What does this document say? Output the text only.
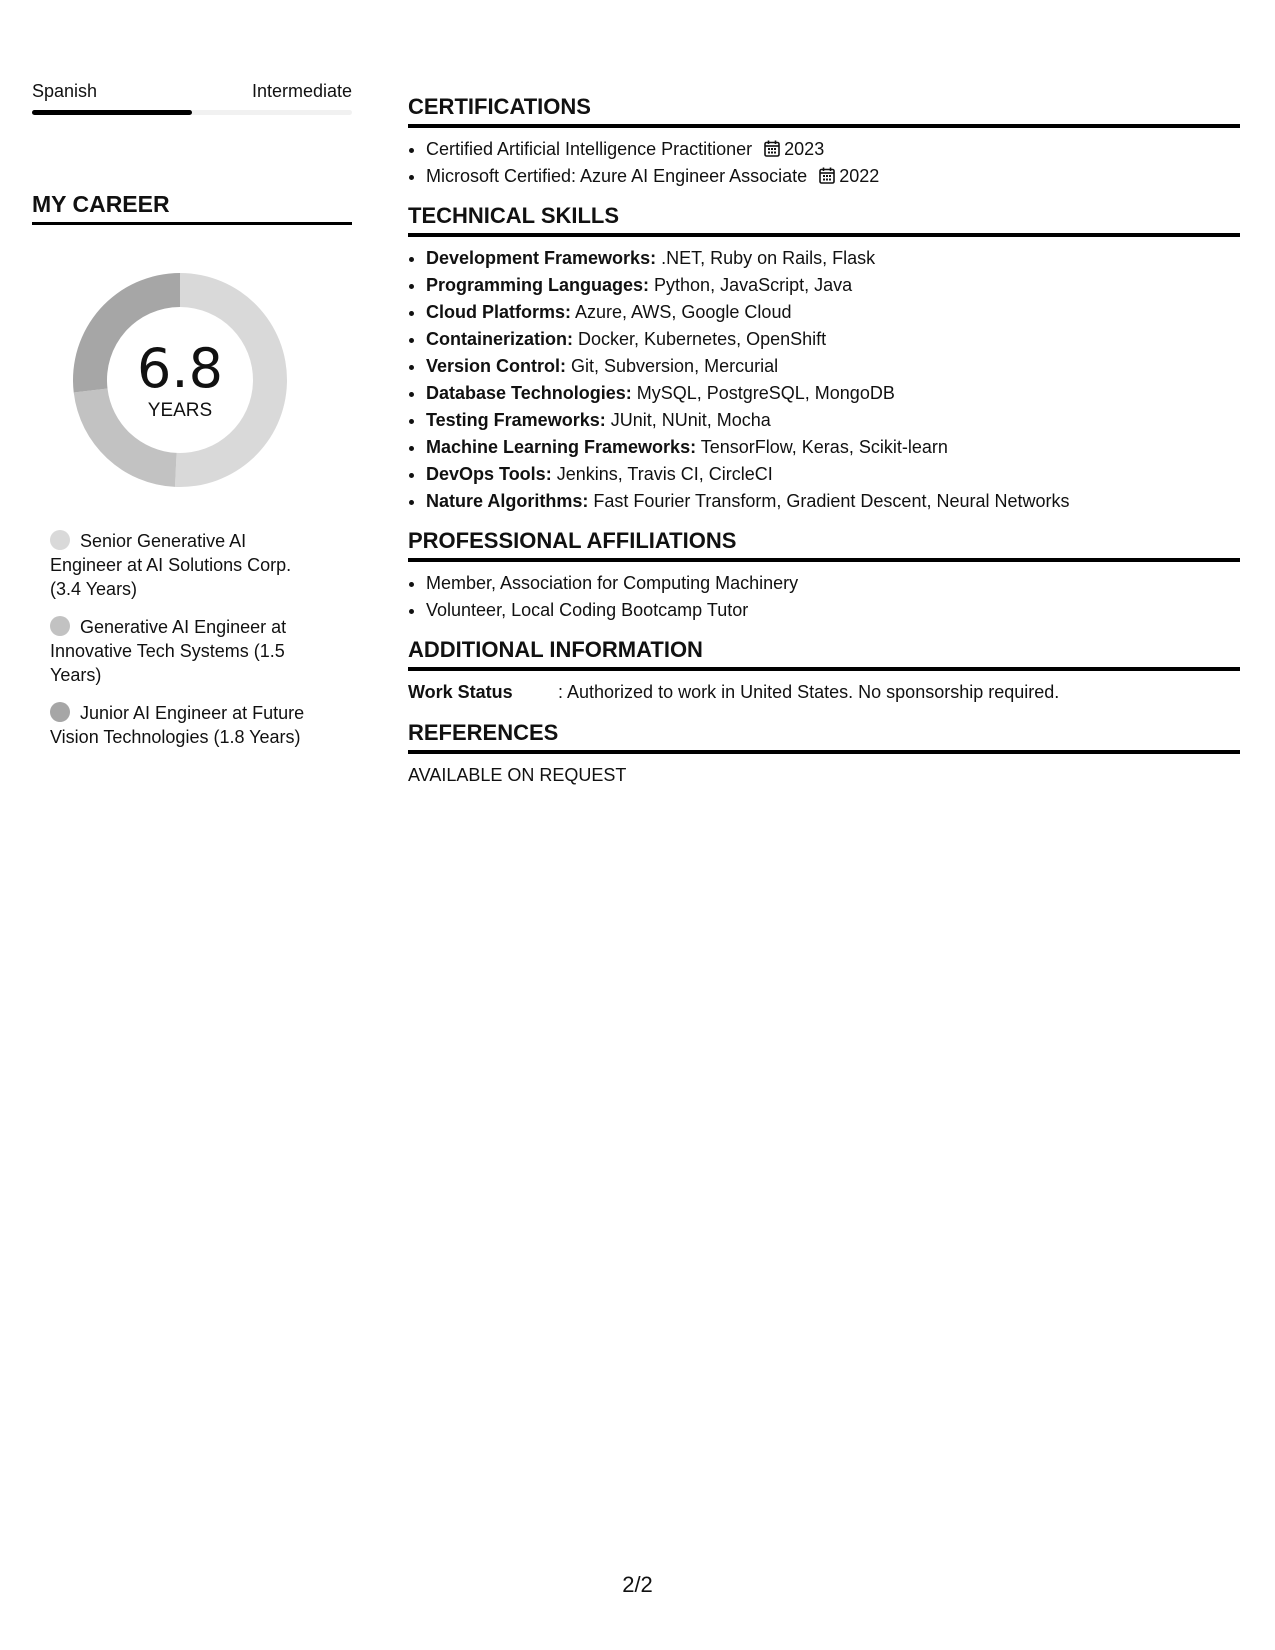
Spanish	Intermediate
MY CAREER
6.8
YEARS
Senior Generative AI Engineer at AI Solutions Corp. (3.4 Years)
Generative AI Engineer at Innovative Tech Systems (1.5 Years)
Junior AI Engineer at Future Vision Technologies (1.8 Years)
CERTIFICATIONS
• Certified Artificial Intelligence Practitioner 2023
• Microsoft Certified: Azure AI Engineer Associate 2022
TECHNICAL SKILLS
• Development Frameworks: .NET, Ruby on Rails, Flask
• Programming Languages: Python, JavaScript, Java
• Cloud Platforms: Azure, AWS, Google Cloud
• Containerization: Docker, Kubernetes, OpenShift
• Version Control: Git, Subversion, Mercurial
• Database Technologies: MySQL, PostgreSQL, MongoDB
• Testing Frameworks: JUnit, NUnit, Mocha
• Machine Learning Frameworks: TensorFlow, Keras, Scikit-learn
• DevOps Tools: Jenkins, Travis CI, CircleCI
• Nature Algorithms: Fast Fourier Transform, Gradient Descent, Neural Networks
PROFESSIONAL AFFILIATIONS
• Member, Association for Computing Machinery
• Volunteer, Local Coding Bootcamp Tutor
ADDITIONAL INFORMATION
Work Status	: Authorized to work in United States. No sponsorship required.
REFERENCES
AVAILABLE ON REQUEST
2/2
